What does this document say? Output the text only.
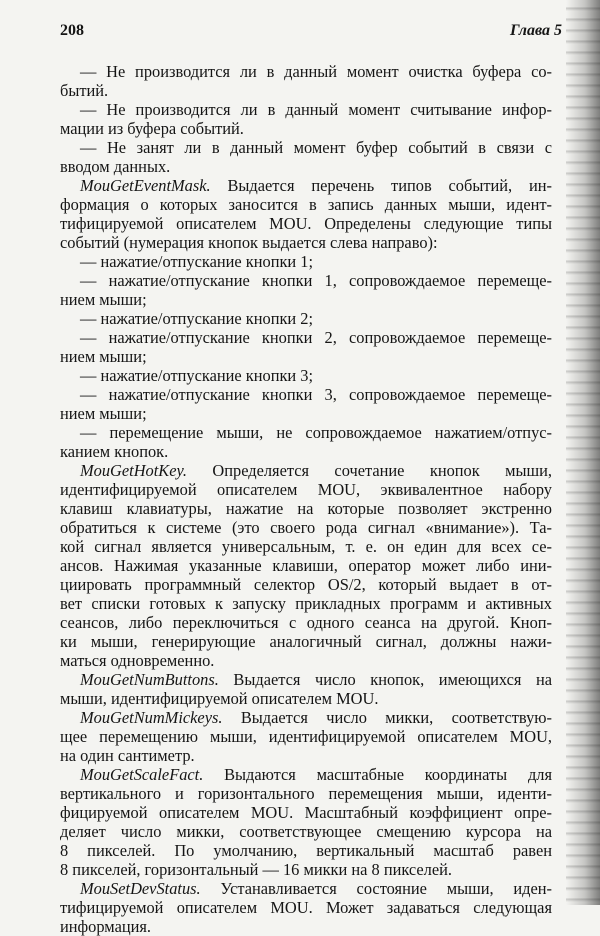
208	Глава 5
— Не производится ли в данный момент очистка буфера со-
бытий.
— Не производится ли в данный момент считывание инфор-
мации из буфера событий.
— Не занят ли в данный момент буфер событий в связи с
вводом данных.
MouGetEventMask. Выдается перечень типов событий, ин-
формация о которых заносится в запись данных мыши, идент-
тифицируемой описателем MOU. Определены следующие типы
событий (нумерация кнопок выдается слева направо):
— нажатие/отпускание кнопки 1;
— нажатие/отпускание кнопки 1, сопровождаемое перемеще-
нием мыши;
— нажатие/отпускание кнопки 2;
— нажатие/отпускание кнопки 2, сопровождаемое перемеще-
нием мыши;
— нажатие/отпускание кнопки 3;
— нажатие/отпускание кнопки 3, сопровождаемое перемеще-
нием мыши;
— перемещение мыши, не сопровождаемое нажатием/отпус-
канием кнопок.
MouGetHotKey. Определяется сочетание кнопок мыши,
идентифицируемой описателем MOU, эквивалентное набору
клавиш клавиатуры, нажатие на которые позволяет экстренно
обратиться к системе (это своего рода сигнал «внимание»). Та-
кой сигнал является универсальным, т. е. он един для всех се-
ансов. Нажимая указанные клавиши, оператор может либо ини-
циировать программный селектор OS/2, который выдает в от-
вет списки готовых к запуску прикладных программ и активных
сеансов, либо переключиться с одного сеанса на другой. Кноп-
ки мыши, генерирующие аналогичный сигнал, должны нажи-
маться одновременно.
MouGetNumButtons. Выдается число кнопок, имеющихся на
мыши, идентифицируемой описателем MOU.
MouGetNumMickeys. Выдается число микки, соответствую-
щее перемещению мыши, идентифицируемой описателем MOU,
на один сантиметр.
MouGetScaleFact. Выдаются масштабные координаты для
вертикального и горизонтального перемещения мыши, иденти-
фицируемой описателем MOU. Масштабный коэффициент опре-
деляет число микки, соответствующее смещению курсора на
8 пикселей. По умолчанию, вертикальный масштаб равен
8 пикселей, горизонтальный — 16 микки на 8 пикселей.
MouSetDevStatus. Устанавливается состояние мыши, иден-
тифицируемой описателем MOU. Может задаваться следующая
информация.
